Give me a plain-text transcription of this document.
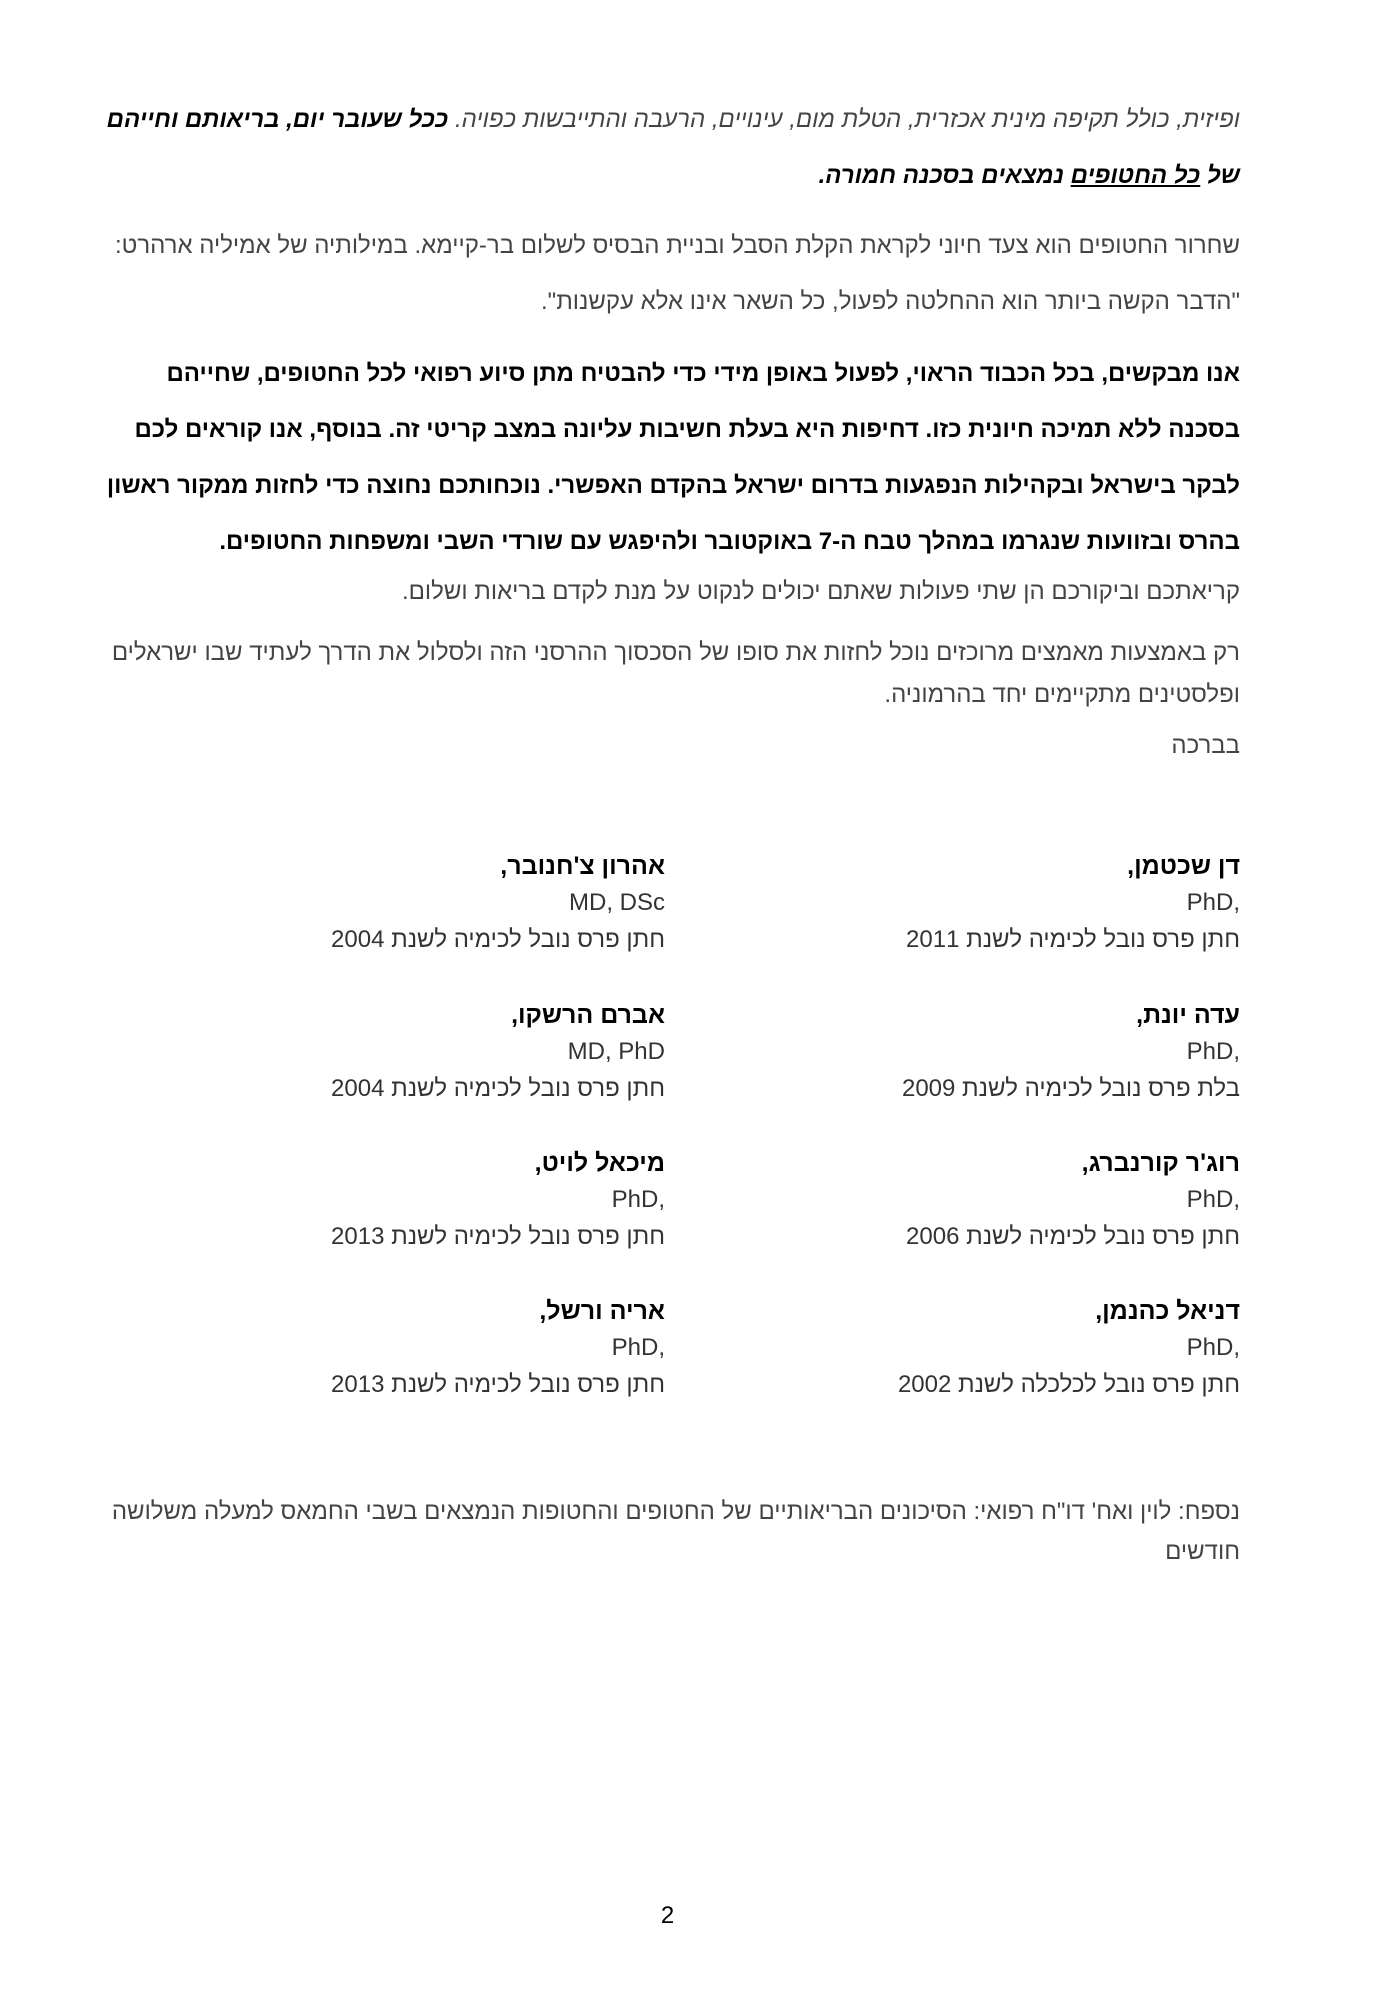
ופיזית, כולל תקיפה מינית אכזרית, הטלת מום, עינויים, הרעבה והתייבשות כפויה. ככל שעובר יום, בריאותם וחייהם של כל החטופים נמצאים בסכנה חמורה.

שחרור החטופים הוא צעד חיוני לקראת הקלת הסבל ובניית הבסיס לשלום בר-קיימא. במילותיה של אמיליה ארהרט: "הדבר הקשה ביותר הוא ההחלטה לפעול, כל השאר אינו אלא עקשנות".

אנו מבקשים, בכל הכבוד הראוי, לפעול באופן מידי כדי להבטיח מתן סיוע רפואי לכל החטופים, שחייהם בסכנה ללא תמיכה חיונית כזו. דחיפות היא בעלת חשיבות עליונה במצב קריטי זה. בנוסף, אנו קוראים לכם לבקר בישראל ובקהילות הנפגעות בדרום ישראל בהקדם האפשרי. נוכחותכם נחוצה כדי לחזות ממקור ראשון בהרס ובזוועות שנגרמו במהלך טבח ה-7 באוקטובר ולהיפגש עם שורדי השבי ומשפחות החטופים.

קריאתכם וביקורכם הן שתי פעולות שאתם יכולים לנקוט על מנת לקדם בריאות ושלום.

רק באמצעות מאמצים מרוכזים נוכל לחזות את סופו של הסכסוך ההרסני הזה ולסלול את הדרך לעתיד שבו ישראלים ופלסטינים מתקיימים יחד בהרמוניה.

בברכה

דן שכטמן,
PhD,
חתן פרס נובל לכימיה לשנת 2011
אהרון צ'חנובר,
MD, DSc
חתן פרס נובל לכימיה לשנת 2004
עדה יונת,
PhD,
בלת פרס נובל לכימיה לשנת 2009
אברם הרשקו,
MD, PhD
חתן פרס נובל לכימיה לשנת 2004
רוג'ר קורנברג,
PhD,
חתן פרס נובל לכימיה לשנת 2006
מיכאל לויט,
PhD,
חתן פרס נובל לכימיה לשנת 2013
דניאל כהנמן,
PhD,
חתן פרס נובל לכלכלה לשנת 2002
אריה ורשל,
PhD,
חתן פרס נובל לכימיה לשנת 2013
נספח: לוין ואח' דו"ח רפואי: הסיכונים הבריאותיים של החטופים והחטופות הנמצאים בשבי החמאס למעלה משלושה חודשים
2
